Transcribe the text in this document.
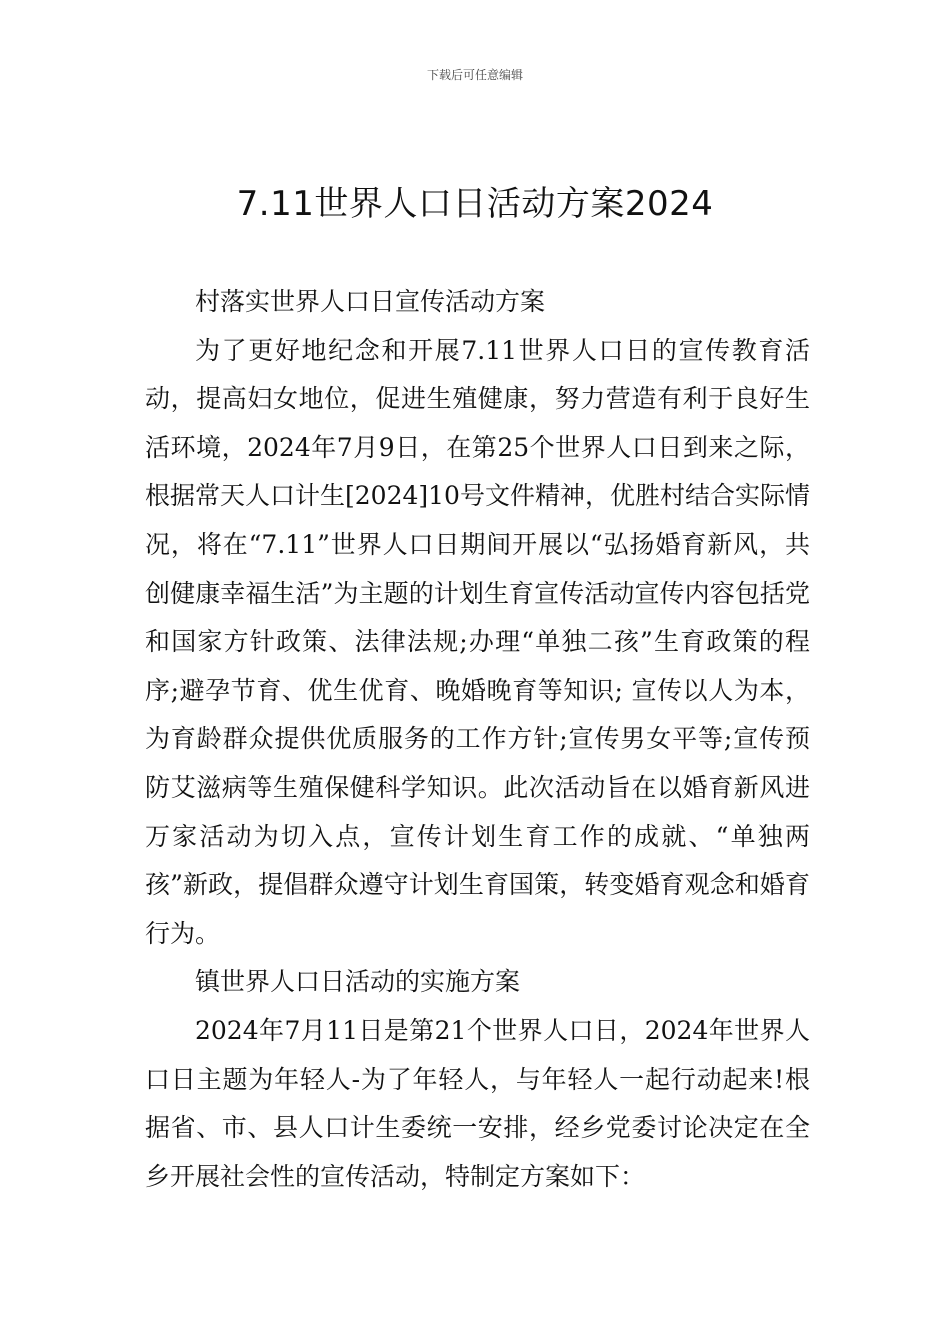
下载后可任意编辑
7.11世界人口日活动方案2024

村落实世界人口日宣传活动方案

为了更好地纪念和开展7.11世界人口日的宣传教育活动，提高妇女地位，促进生殖健康，努力营造有利于良好生活环境，2024年7月9日，在第25个世界人口日到来之际，根据常天人口计生[2024]10号文件精神，优胜村结合实际情况，将在“7.11”世界人口日期间开展以“弘扬婚育新风，共创健康幸福生活”为主题的计划生育宣传活动宣传内容包括党和国家方针政策、法律法规;办理“单独二孩”生育政策的程序;避孕节育、优生优育、晚婚晚育等知识; 宣传以人为本，为育龄群众提供优质服务的工作方针;宣传男女平等;宣传预防艾滋病等生殖保健科学知识。此次活动旨在以婚育新风进万家活动为切入点，宣传计划生育工作的成就、“单独两孩”新政，提倡群众遵守计划生育国策，转变婚育观念和婚育行为。

镇世界人口日活动的实施方案

2024年7月11日是第21个世界人口日，2024年世界人口日主题为年轻人-为了年轻人，与年轻人一起行动起来!根据省、市、县人口计生委统一安排，经乡党委讨论决定在全乡开展社会性的宣传活动，特制定方案如下：
